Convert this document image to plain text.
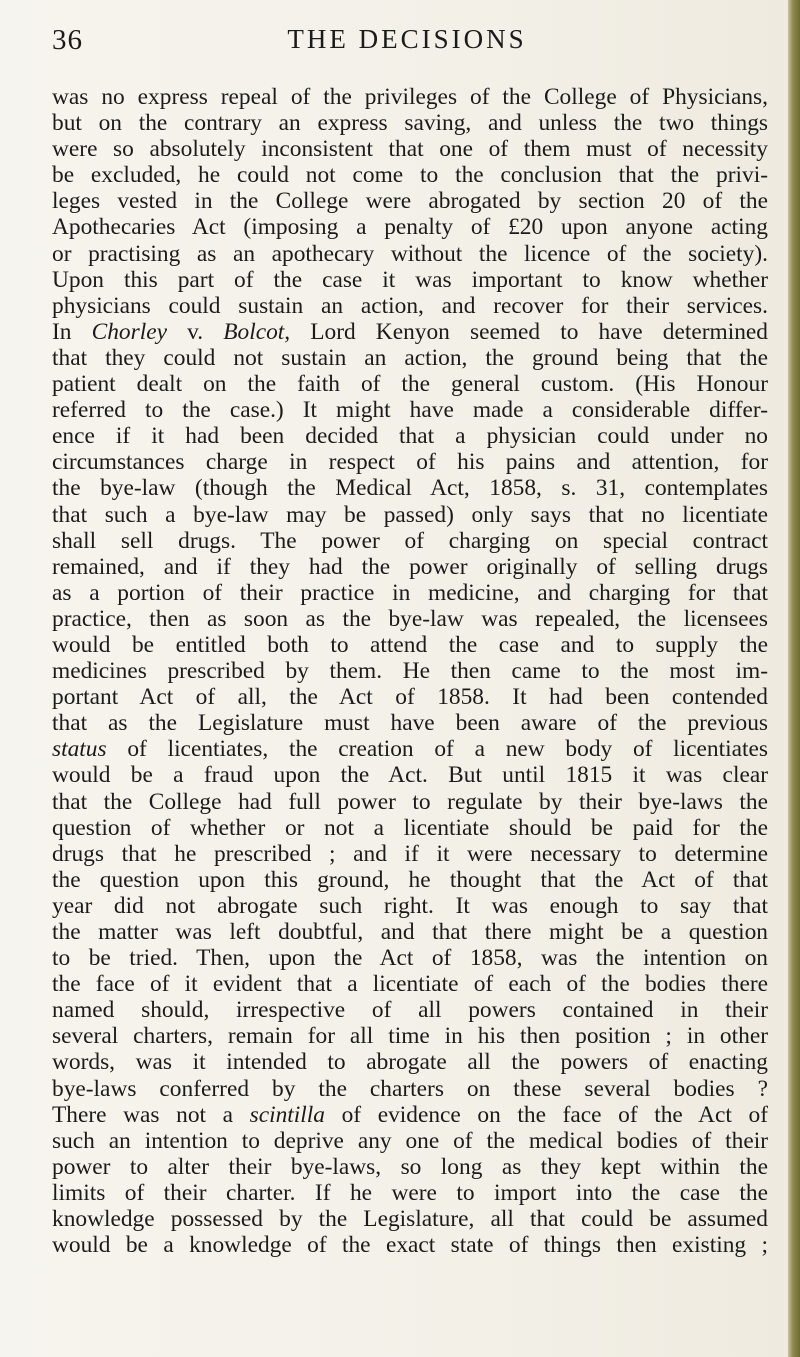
36	THE DECISIONS
was no express repeal of the privileges of the College of Physicians,
but on the contrary an express saving, and unless the two things
were so absolutely inconsistent that one of them must of necessity
be excluded, he could not come to the conclusion that the privi-
leges vested in the College were abrogated by section 20 of the
Apothecaries Act (imposing a penalty of £20 upon anyone acting
or practising as an apothecary without the licence of the society).
Upon this part of the case it was important to know whether
physicians could sustain an action, and recover for their services.
In Chorley v. Bolcot, Lord Kenyon seemed to have determined
that they could not sustain an action, the ground being that the
patient dealt on the faith of the general custom. (His Honour
referred to the case.) It might have made a considerable differ-
ence if it had been decided that a physician could under no
circumstances charge in respect of his pains and attention, for
the bye-law (though the Medical Act, 1858, s. 31, contemplates
that such a bye-law may be passed) only says that no licentiate
shall sell drugs. The power of charging on special contract
remained, and if they had the power originally of selling drugs
as a portion of their practice in medicine, and charging for that
practice, then as soon as the bye-law was repealed, the licensees
would be entitled both to attend the case and to supply the
medicines prescribed by them. He then came to the most im-
portant Act of all, the Act of 1858. It had been contended
that as the Legislature must have been aware of the previous
status of licentiates, the creation of a new body of licentiates
would be a fraud upon the Act. But until 1815 it was clear
that the College had full power to regulate by their bye-laws the
question of whether or not a licentiate should be paid for the
drugs that he prescribed ; and if it were necessary to determine
the question upon this ground, he thought that the Act of that
year did not abrogate such right. It was enough to say that
the matter was left doubtful, and that there might be a question
to be tried. Then, upon the Act of 1858, was the intention on
the face of it evident that a licentiate of each of the bodies there
named should, irrespective of all powers contained in their
several charters, remain for all time in his then position ; in other
words, was it intended to abrogate all the powers of enacting
bye-laws conferred by the charters on these several bodies ?
There was not a scintilla of evidence on the face of the Act of
such an intention to deprive any one of the medical bodies of their
power to alter their bye-laws, so long as they kept within the
limits of their charter. If he were to import into the case the
knowledge possessed by the Legislature, all that could be assumed
would be a knowledge of the exact state of things then existing ;
